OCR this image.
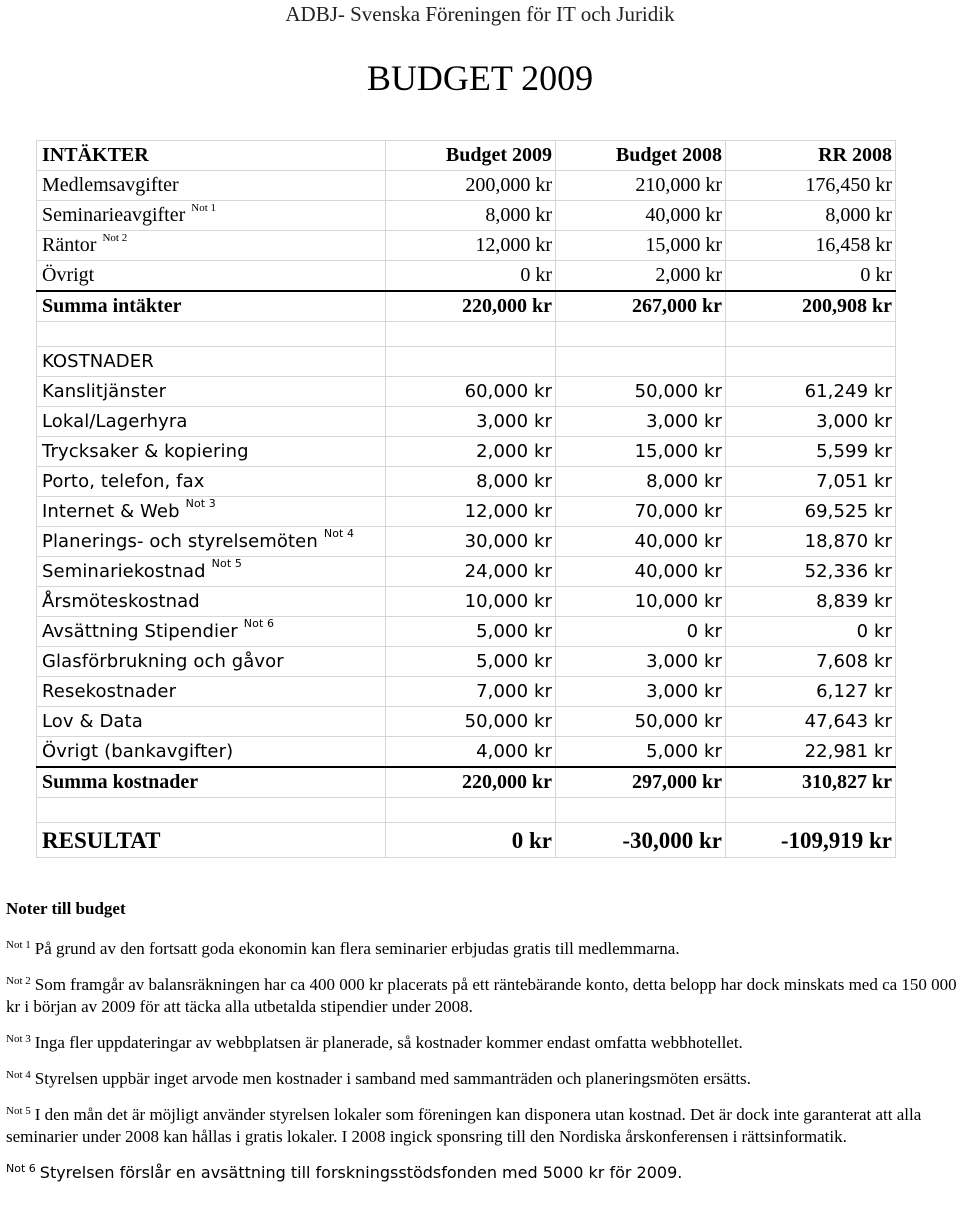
ADBJ- Svenska Föreningen för IT och Juridik
BUDGET 2009
INTÄKTER	Budget 2009	Budget 2008	RR 2008
Medlemsavgifter	200,000 kr	210,000 kr	176,450 kr
Seminarieavgifter $^{Not 1}$	8,000 kr	40,000 kr	8,000 kr
Räntor $^{Not 2}$	12,000 kr	15,000 kr	16,458 kr
Övrigt	0 kr	2,000 kr	0 kr
Summa intäkter	220,000 kr	267,000 kr	200,908 kr

KOSTNADER			
Kanslitjänster	60,000 kr	50,000 kr	61,249 kr
Lokal/Lagerhyra	3,000 kr	3,000 kr	3,000 kr
Trycksaker & kopiering	2,000 kr	15,000 kr	5,599 kr
Porto, telefon, fax	8,000 kr	8,000 kr	7,051 kr
Internet & Web $^{Not 3}$	12,000 kr	70,000 kr	69,525 kr
Planerings- och styrelsemöten $^{Not 4}$	30,000 kr	40,000 kr	18,870 kr
Seminariekostnad $^{Not 5}$	24,000 kr	40,000 kr	52,336 kr
Årsmöteskostnad	10,000 kr	10,000 kr	8,839 kr
Avsättning Stipendier $^{Not 6}$	5,000 kr	0 kr	0 kr
Glasförbrukning och gåvor	5,000 kr	3,000 kr	7,608 kr
Resekostnader	7,000 kr	3,000 kr	6,127 kr
Lov & Data	50,000 kr	50,000 kr	47,643 kr
Övrigt (bankavgifter)	4,000 kr	5,000 kr	22,981 kr
Summa kostnader	220,000 kr	297,000 kr	310,827 kr

RESULTAT	0 kr	-30,000 kr	-109,919 kr
Noter till budget
$^{Not 1}$ På grund av den fortsatt goda ekonomin kan flera seminarier erbjudas gratis till medlemmarna.
$^{Not 2}$ Som framgår av balansräkningen har ca 400 000 kr placerats på ett räntebärande konto, detta belopp har dock minskats med ca 150 000 kr i början av 2009 för att täcka alla utbetalda stipendier under 2008.
$^{Not 3}$ Inga fler uppdateringar av webbplatsen är planerade, så kostnader kommer endast omfatta webbhotellet.
$^{Not 4}$ Styrelsen uppbär inget arvode men kostnader i samband med sammanträden och planeringsmöten ersätts.
$^{Not 5}$ I den mån det är möjligt använder styrelsen lokaler som föreningen kan disponera utan kostnad. Det är dock inte garanterat att alla seminarier under 2008 kan hållas i gratis lokaler. I 2008 ingick sponsring till den Nordiska årskonferensen i rättsinformatik.
$^{Not 6}$ Styrelsen förslår en avsättning till forskningsstödsfonden med 5000 kr för 2009.
